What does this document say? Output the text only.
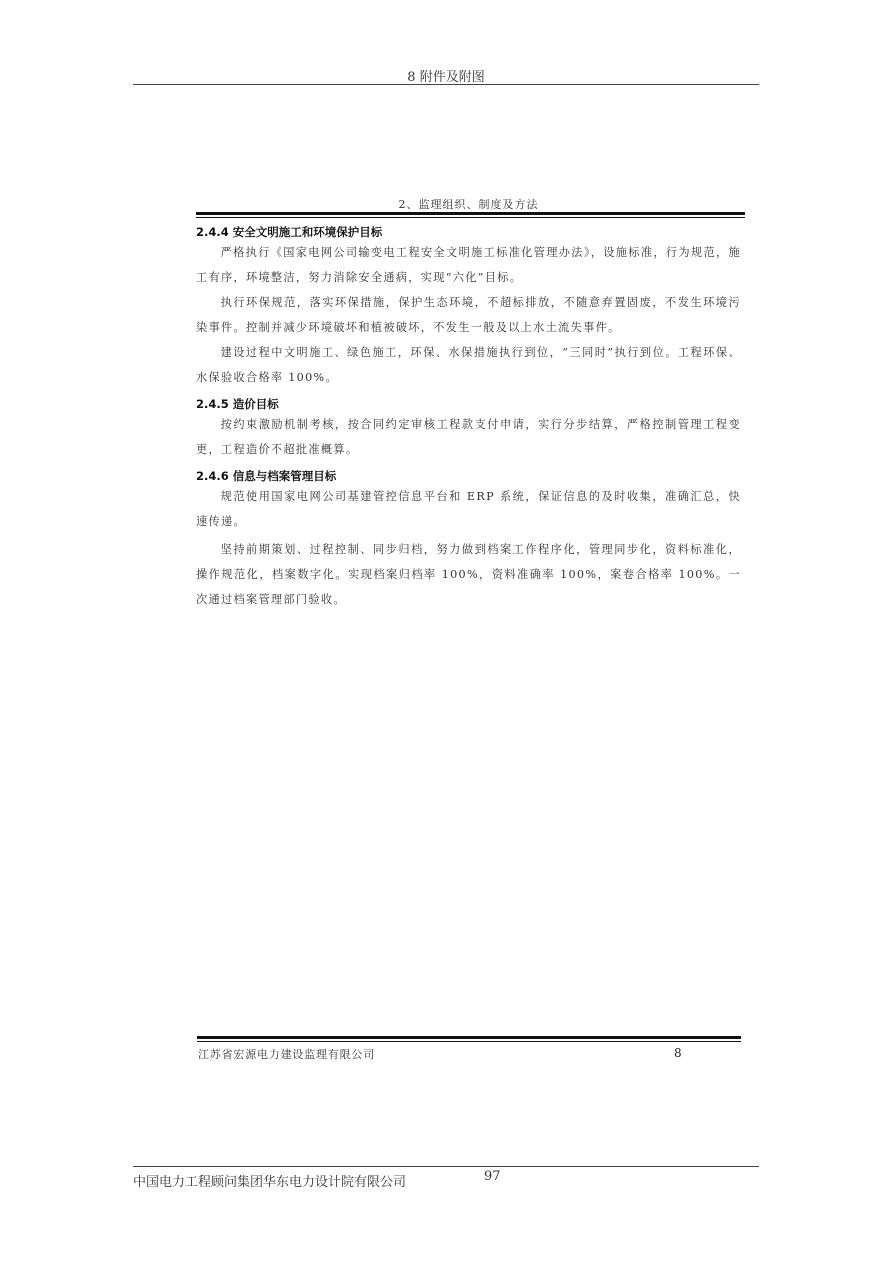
8 附件及附图
2、监理组织、制度及方法

2.4.4 安全文明施工和环境保护目标

严格执行《国家电网公司输变电工程安全文明施工标准化管理办法》，设施标准，行为规范，施工有序，环境整洁，努力消除安全通病，实现“六化”目标。

执行环保规范，落实环保措施，保护生态环境，不超标排放，不随意弃置固废，不发生环境污染事件。控制并减少环境破坏和植被破坏，不发生一般及以上水土流失事件。

建设过程中文明施工、绿色施工，环保、水保措施执行到位，“三同时”执行到位。工程环保、水保验收合格率 100%。

2.4.5 造价目标

按约束激励机制考核，按合同约定审核工程款支付申请，实行分步结算，严格控制管理工程变更，工程造价不超批准概算。

2.4.6 信息与档案管理目标

规范使用国家电网公司基建管控信息平台和 ERP 系统，保证信息的及时收集，准确汇总，快速传递。

坚持前期策划、过程控制、同步归档，努力做到档案工作程序化，管理同步化，资料标准化，操作规范化，档案数字化。实现档案归档率 100%，资料准确率 100%，案卷合格率 100%。一次通过档案管理部门验收。

江苏省宏源电力建设监理有限公司	8
中国电力工程顾问集团华东电力设计院有限公司	97
